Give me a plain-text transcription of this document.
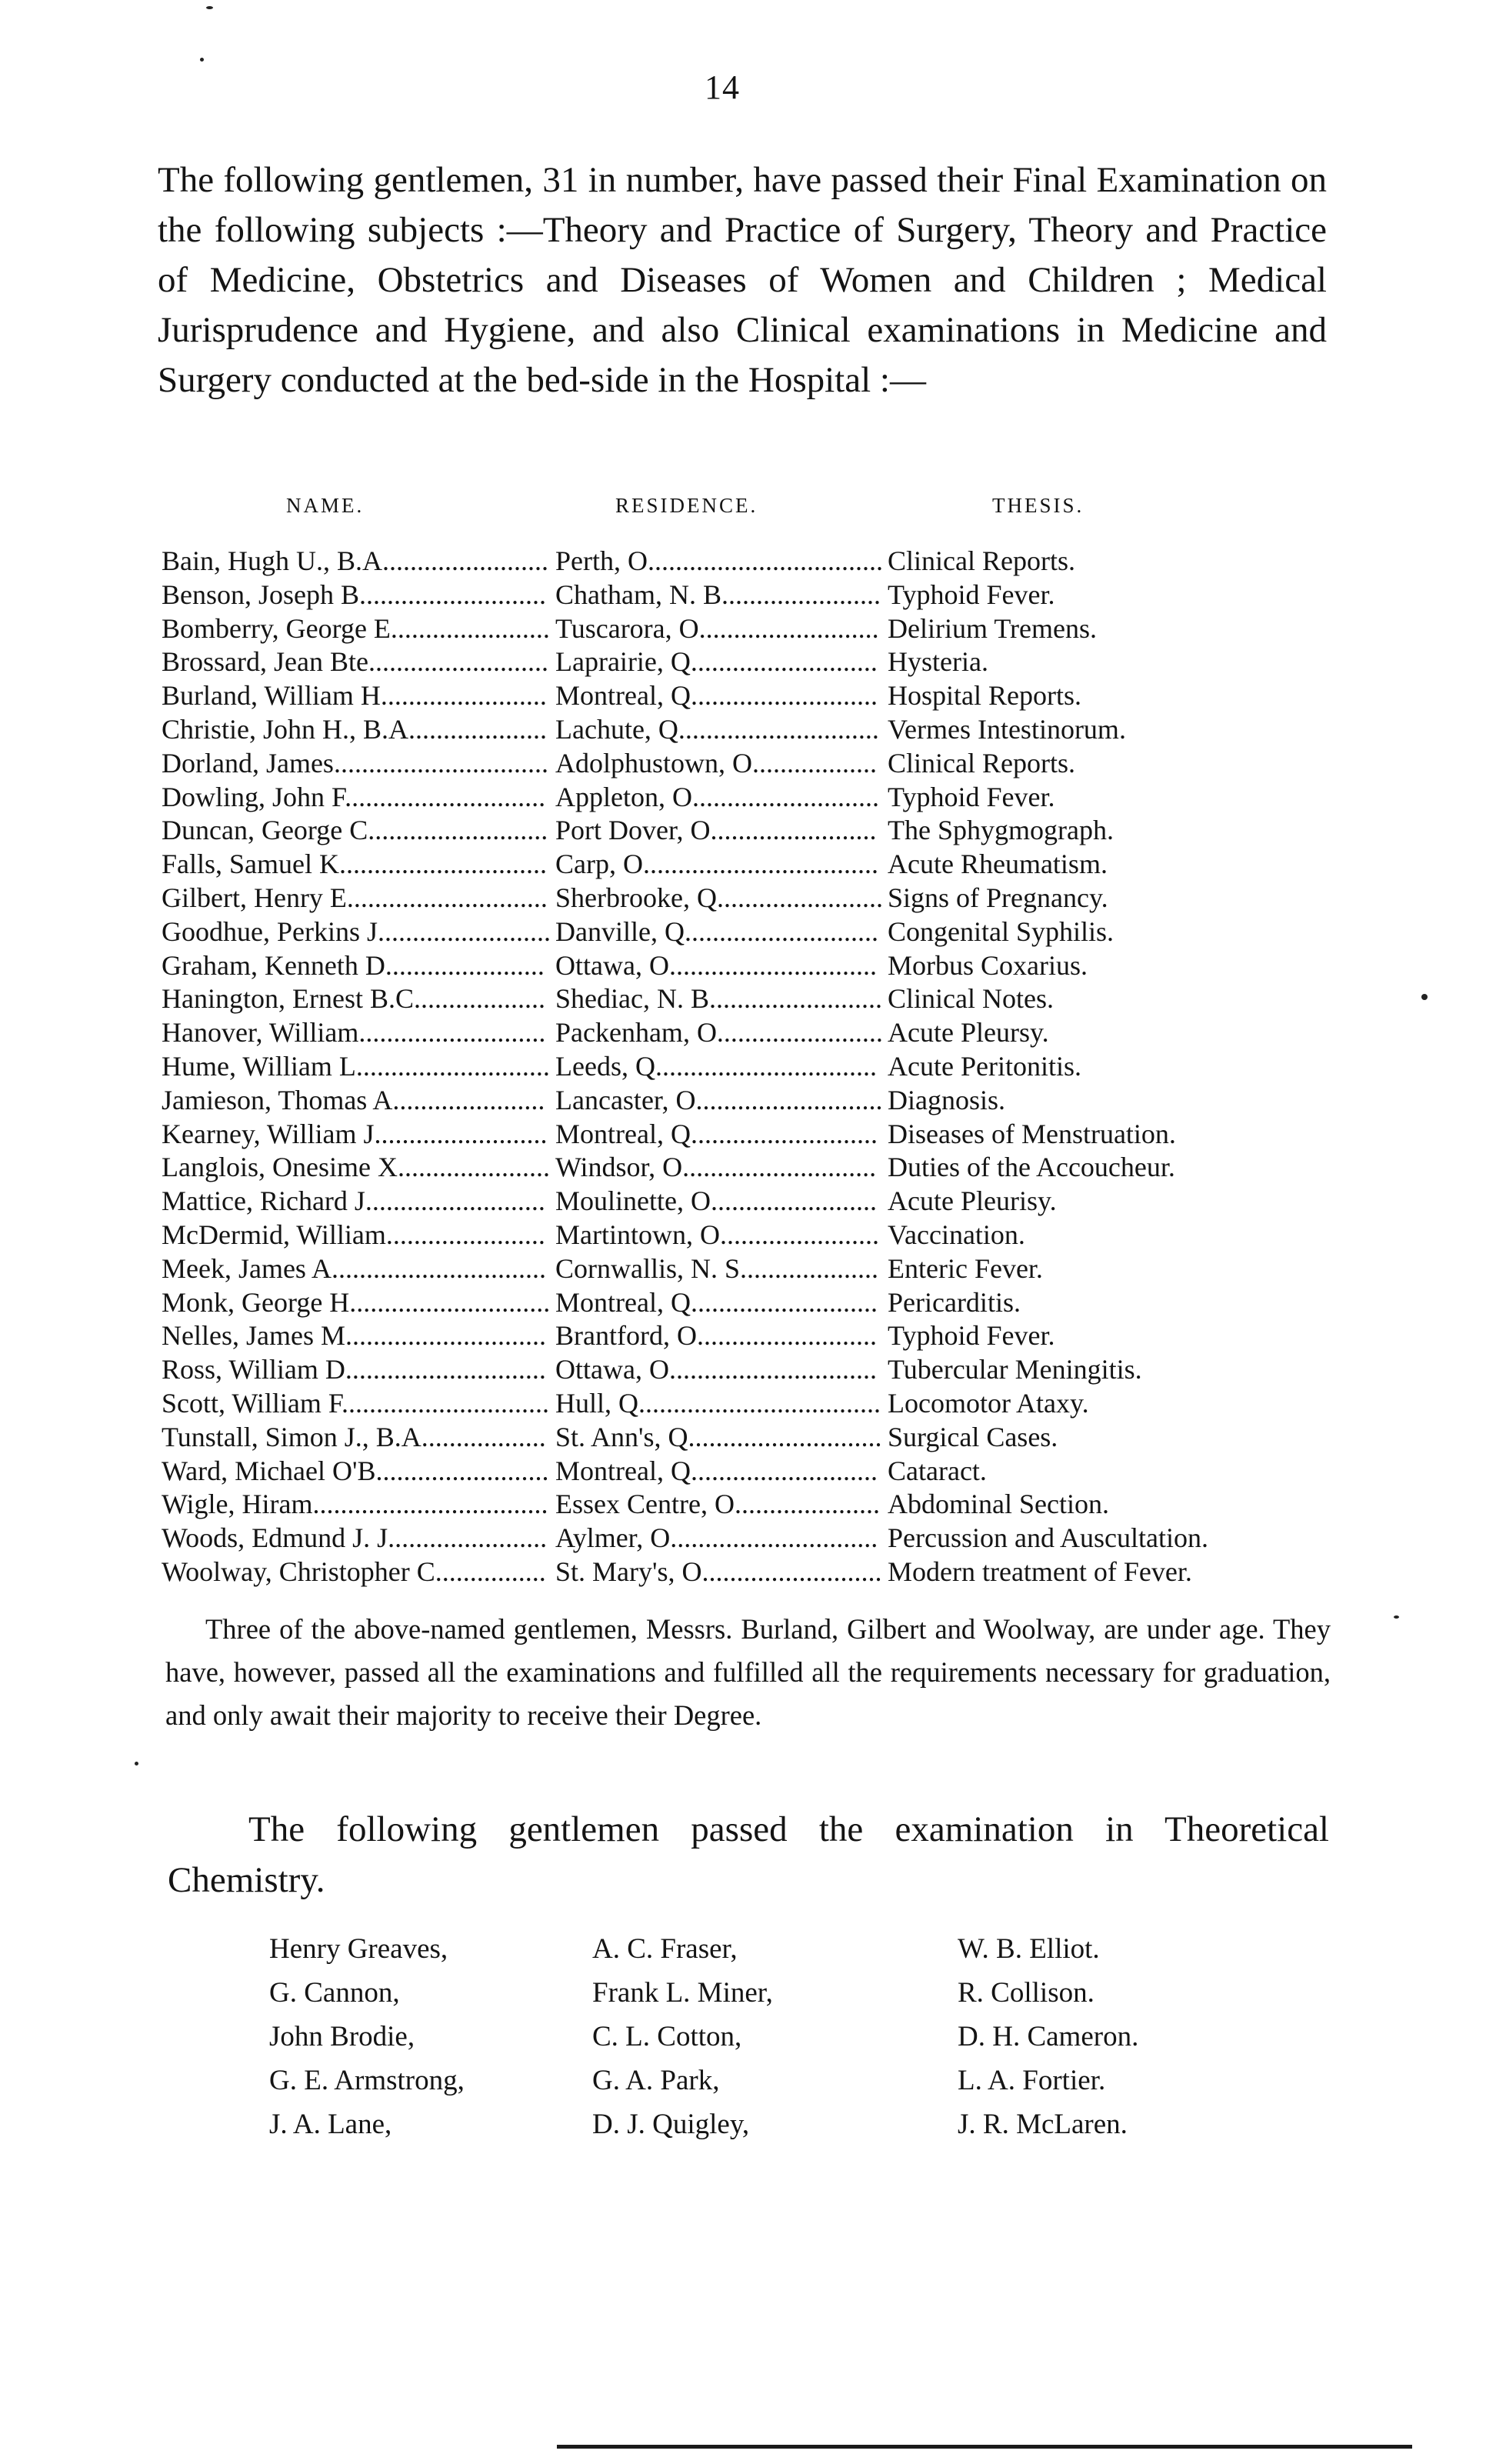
14
The following gentlemen, 31 in number, have passed their Final Examination on the following subjects :—Theory and Practice of Surgery, Theory and Practice of Medicine, Obstetrics and Diseases of Women and Children ; Medical Jurisprudence and Hygiene, and also Clinical examinations in Medicine and Surgery conducted at the bed-side in the Hospital :—
NAME.	RESIDENCE.	THESIS.
Bain, Hugh U., B.A........................ Perth, O.................................. Clinical Reports.
Benson, Joseph B........................... Chatham, N. B....................... Typhoid Fever.
Bomberry, George E....................... Tuscarora, O.......................... Delirium Tremens.
Brossard, Jean Bte.......................... Laprairie, Q........................... Hysteria.
Burland, William H........................ Montreal, Q........................... Hospital Reports.
Christie, John H., B.A.................... Lachute, Q............................. Vermes Intestinorum.
Dorland, James............................... Adolphustown, O.................. Clinical Reports.
Dowling, John F............................. Appleton, O........................... Typhoid Fever.
Duncan, George C.......................... Port Dover, O........................ The Sphygmograph.
Falls, Samuel K.............................. Carp, O.................................. Acute Rheumatism.
Gilbert, Henry E............................. Sherbrooke, Q........................ Signs of Pregnancy.
Goodhue, Perkins J......................... Danville, Q............................ Congenital Syphilis.
Graham, Kenneth D....................... Ottawa, O.............................. Morbus Coxarius.
Hanington, Ernest B.C................... Shediac, N. B......................... Clinical Notes.
Hanover, William........................... Packenham, O........................ Acute Pleursy.
Hume, William L............................ Leeds, Q................................ Acute Peritonitis.
Jamieson, Thomas A...................... Lancaster, O........................... Diagnosis.
Kearney, William J......................... Montreal, Q........................... Diseases of Menstruation.
Langlois, Onesime X...................... Windsor, O............................ Duties of the Accoucheur.
Mattice, Richard J.......................... Moulinette, O........................ Acute Pleurisy.
McDermid, William....................... Martintown, O....................... Vaccination.
Meek, James A............................... Cornwallis, N. S.................... Enteric Fever.
Monk, George H............................. Montreal, Q........................... Pericarditis.
Nelles, James M............................. Brantford, O.......................... Typhoid Fever.
Ross, William D............................. Ottawa, O.............................. Tubercular Meningitis.
Scott, William F.............................. Hull, Q................................... Locomotor Ataxy.
Tunstall, Simon J., B.A.................. St. Ann's, Q............................ Surgical Cases.
Ward, Michael O'B......................... Montreal, Q........................... Cataract.
Wigle, Hiram.................................. Essex Centre, O..................... Abdominal Section.
Woods, Edmund J. J....................... Aylmer, O.............................. Percussion and Auscultation.
Woolway, Christopher C................ St. Mary's, O.......................... Modern treatment of Fever.

Three of the above-named gentlemen, Messrs. Burland, Gilbert and Woolway, are under age. They have, however, passed all the examinations and fulfilled all the requirements necessary for graduation, and only await their majority to receive their Degree.

The following gentlemen passed the examination in Theoretical Chemistry.

Henry Greaves,	A. C. Fraser,	W. B. Elliot.
G. Cannon,	Frank L. Miner,	R. Collison.
John Brodie,	C. L. Cotton,	D. H. Cameron.
G. E. Armstrong,	G. A. Park,	L. A. Fortier.
J. A. Lane,	D. J. Quigley,	J. R. McLaren.
